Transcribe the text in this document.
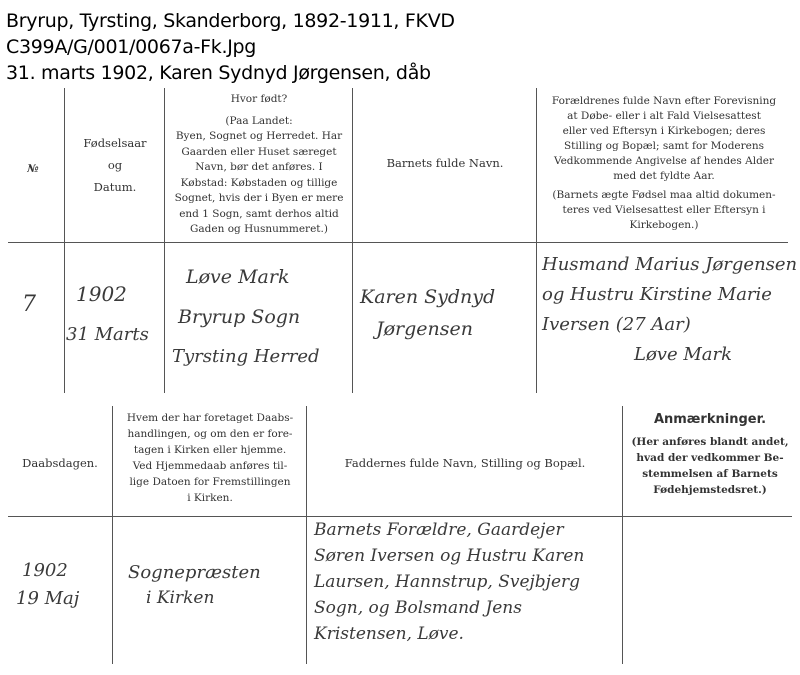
Bryrup, Tyrsting, Skanderborg, 1892-1911, FKVD
C399A/G/001/0067a-Fk.Jpg
31. marts 1902, Karen Sydnyd Jørgensen, dåb
№
Fødselsaar
og
Datum.
Hvor født?
(Paa Landet:
Byen, Sognet og Herredet. Har
Gaarden eller Huset særeget
Navn, bør det anføres. I
Købstad: Købstaden og tillige
Sognet, hvis der i Byen er mere
end 1 Sogn, samt derhos altid
Gaden og Husnummeret.)
Barnets fulde Navn.
Forældrenes fulde Navn efter Forevisning
at Døbe- eller i alt Fald Vielsesattest
eller ved Eftersyn i Kirkebogen; deres
Stilling og Bopæl; samt for Moderens
Vedkommende Angivelse af hendes Alder
med det fyldte Aar.
(Barnets ægte Fødsel maa altid dokumen-
teres ved Vielsesattest eller Eftersyn i
Kirkebogen.)
7 1902
31 Marts
Løve Mark
Bryrup Sogn
Tyrsting Herred
Karen Sydnyd
Jørgensen
Husmand Marius Jørgensen
og Hustru Kirstine Marie
Iversen (27 Aar)
Løve Mark
Daabsdagen.
Hvem der har foretaget Daabs-
handlingen, og om den er fore-
tagen i Kirken eller hjemme.
Ved Hjemmedaab anføres til-
lige Datoen for Fremstillingen
i Kirken.
Faddernes fulde Navn, Stilling og Bopæl.
Anmærkninger.
(Her anføres blandt andet,
hvad der vedkommer Be-
stemmelsen af Barnets
Fødehjemstedsret.)
1902
19 Maj
Sognepræsten
i Kirken
Barnets Forældre, Gaardejer
Søren Iversen og Hustru Karen
Laursen, Hannstrup, Svejbjerg
Sogn, og Bolsmand Jens
Kristensen, Løve.
